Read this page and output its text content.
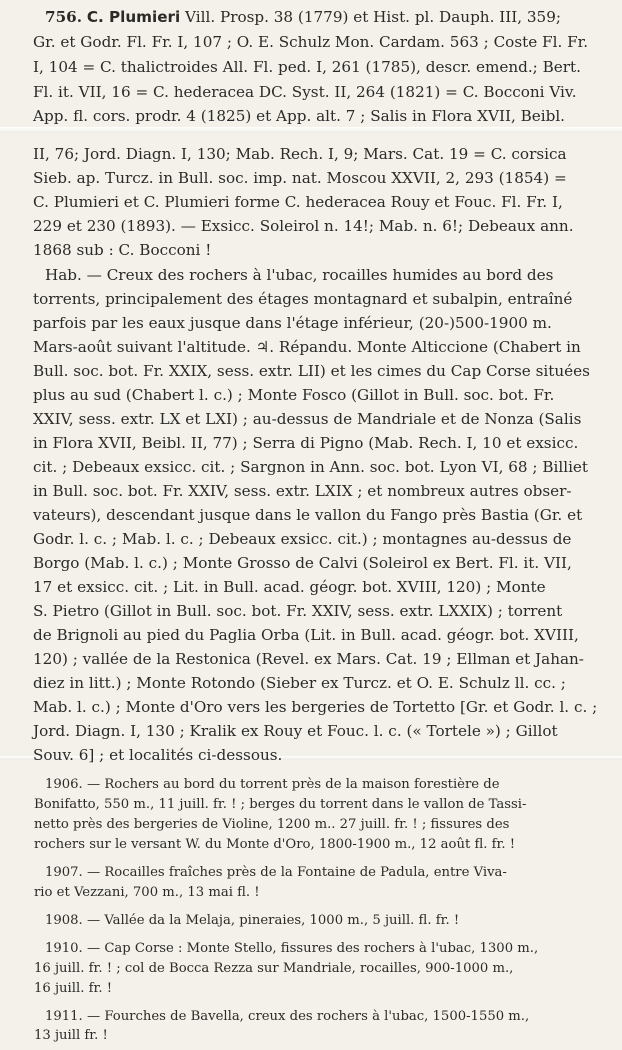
756. C. Plumieri Vill. Prosp. 38 (1779) et Hist. pl. Dauph. III, 359;

Gr. et Godr. Fl. Fr. I, 107 ; O. E. Schulz Mon. Cardam. 563 ; Coste Fl. Fr.

I, 104 = C. thalictroides All. Fl. ped. I, 261 (1785), descr. emend.; Bert.

Fl. it. VII, 16 = C. hederacea DC. Syst. II, 264 (1821) = C. Bocconi Viv.

App. fl. cors. prodr. 4 (1825) et App. alt. 7 ; Salis in Flora XVII, Beibl.

II, 76; Jord. Diagn. I, 130; Mab. Rech. I, 9; Mars. Cat. 19 = C. corsica

Sieb. ap. Turcz. in Bull. soc. imp. nat. Moscou XXVII, 2, 293 (1854) =

C. Plumieri et C. Plumieri forme C. hederacea Rouy et Fouc. Fl. Fr. I,

229 et 230 (1893). — Exsicc. Soleirol n. 14!; Mab. n. 6!; Debeaux ann.

1868 sub : C. Bocconi !

Hab. — Creux des rochers à l'ubac, rocailles humides au bord des

torrents, principalement des étages montagnard et subalpin, entraîné

parfois par les eaux jusque dans l'étage inférieur, (20-)500-1900 m.

Mars-août suivant l'altitude. ♃. Répandu. Monte Alticcione (Chabert in

Bull. soc. bot. Fr. XXIX, sess. extr. LII) et les cimes du Cap Corse situées

plus au sud (Chabert l. c.) ; Monte Fosco (Gillot in Bull. soc. bot. Fr.

XXIV, sess. extr. LX et LXI) ; au-dessus de Mandriale et de Nonza (Salis

in Flora XVII, Beibl. II, 77) ; Serra di Pigno (Mab. Rech. I, 10 et exsicc.

cit. ; Debeaux exsicc. cit. ; Sargnon in Ann. soc. bot. Lyon VI, 68 ; Billiet

in Bull. soc. bot. Fr. XXIV, sess. extr. LXIX ; et nombreux autres obser-

vateurs), descendant jusque dans le vallon du Fango près Bastia (Gr. et

Godr. l. c. ; Mab. l. c. ; Debeaux exsicc. cit.) ; montagnes au-dessus de

Borgo (Mab. l. c.) ; Monte Grosso de Calvi (Soleirol ex Bert. Fl. it. VII,

17 et exsicc. cit. ; Lit. in Bull. acad. géogr. bot. XVIII, 120) ; Monte

S. Pietro (Gillot in Bull. soc. bot. Fr. XXIV, sess. extr. LXXIX) ; torrent

de Brignoli au pied du Paglia Orba (Lit. in Bull. acad. géogr. bot. XVIII,

120) ; vallée de la Restonica (Revel. ex Mars. Cat. 19 ; Ellman et Jahan-

diez in litt.) ; Monte Rotondo (Sieber ex Turcz. et O. E. Schulz ll. cc. ;

Mab. l. c.) ; Monte d'Oro vers les bergeries de Tortetto [Gr. et Godr. l. c. ;

Jord. Diagn. I, 130 ; Kralik ex Rouy et Fouc. l. c. (« Tortele ») ; Gillot

Souv. 6] ; et localités ci-dessous.

1906. — Rochers au bord du torrent près de la maison forestière de

Bonifatto, 550 m., 11 juill. fr. ! ; berges du torrent dans le vallon de Tassi-

netto près des bergeries de Violine, 1200 m.. 27 juill. fr. ! ; fissures des

rochers sur le versant W. du Monte d'Oro, 1800-1900 m., 12 août fl. fr. !

1907. — Rocailles fraîches près de la Fontaine de Padula, entre Viva-

rio et Vezzani, 700 m., 13 mai fl. !

1908. — Vallée da la Melaja, pineraies, 1000 m., 5 juill. fl. fr. !

1910. — Cap Corse : Monte Stello, fissures des rochers à l'ubac, 1300 m.,

16 juill. fr. ! ; col de Bocca Rezza sur Mandriale, rocailles, 900-1000 m.,

16 juill. fr. !

1911. — Fourches de Bavella, creux des rochers à l'ubac, 1500-1550 m.,

13 juill fr. !
